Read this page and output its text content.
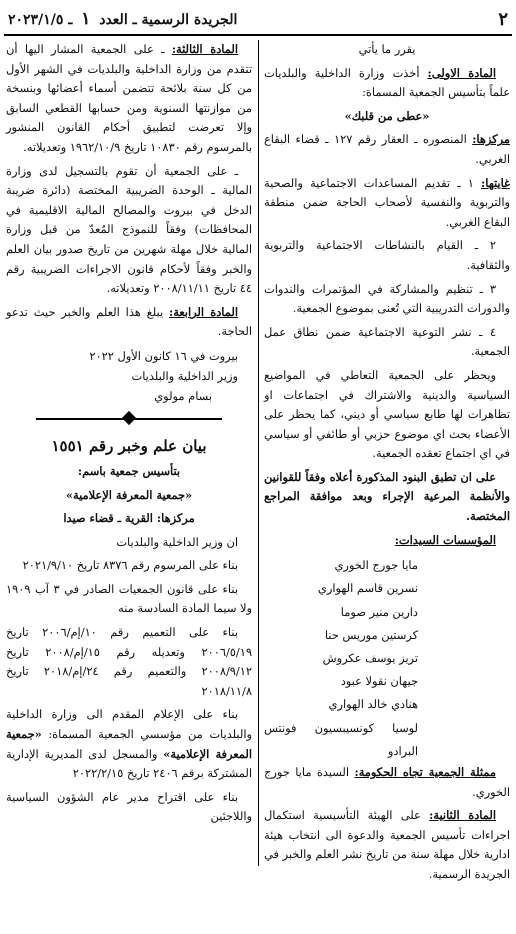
٢
الجريدة الرسمية ـ العدد ١ ـ ٢٠٢٣/١/٥

يقرر ما يأتي

المادة الاولى: أخذت وزارة الداخلية والبلديات علماً بتأسيس الجمعية المسماة:

«عطى من قلبك»

مركزها: المنصوره ـ العقار رقم ١٢٧ ـ قضاء البقاع الغربي.

غايتها: ١ ـ تقديم المساعدات الاجتماعية والصحية والتربوية والنفسية لأصحاب الحاجة ضمن منطقة البقاع الغربي.

٢ ـ القيام بالنشاطات الاجتماعية والتربوية والثقافية.

٣ ـ تنظيم والمشاركة في المؤتمرات والندوات والدورات التدريبية التي تُعنى بموضوع الجمعية.

٤ ـ نشر التوعية الاجتماعية ضمن نطاق عمل الجمعية.

ويحظر على الجمعية التعاطي في المواضيع السياسية والدينية والاشتراك في اجتماعات او تظاهرات لها طابع سياسي أو ديني، كما يحظر على الأعضاء بحث اي موضوع حزبي أو طائفي أو سياسي في اي اجتماع تعقده الجمعية.

على ان تطبق البنود المذكورة أعلاه وفقاً للقوانين والأنظمة المرعية الإجراء وبعد موافقة المراجع المختصة.

المؤسسات السيدات:

مايا جورج الخوري

نسرين قاسم الهواري

دارين منير صوما

كرستين موريس حنا

تريز يوسف عكروش

جيهان نقولا عبود

هنادي خالد الهواري

لوسيا كونسيبسيون فونتس البرادو

ممثلة الجمعية تجاه الحكومة: السيدة مايا جورج الخوري.

المادة الثانية: على الهيئة التأسيسية استكمال اجراءات تأسيس الجمعية والدعوة الى انتخاب هيئة ادارية خلال مهلة سنة من تاريخ نشر العلم والخبر في الجريدة الرسمية.

المادة الثالثة: ـ على الجمعية المشار اليها أن تتقدم من وزارة الداخلية والبلديات في الشهر الأول من كل سنة بلائحة تتضمن أسماء أعضائها وبنسخة من موازنتها السنوية ومن حسابها القطعي السابق وإلا تعرضت لتطبيق أحكام القانون المنشور بالمرسوم رقم ١٠٨٣٠ تاريخ ١٩٦٢/١٠/٩ وتعديلاته.

ـ على الجمعية أن تقوم بالتسجيل لدى وزارة المالية ـ الوحدة الضريبية المختصة (دائرة ضريبة الدخل في بيروت والمصالح المالية الاقليمية في المحافظات) وفقاً للنموذج المُعدّ من قبل وزارة المالية خلال مهلة شهرين من تاريخ صدور بيان العلم والخبر وفقاً لأحكام قانون الاجراءات الضريبية رقم ٤٤ تاريخ ٢٠٠٨/١١/١١ وتعديلاته.

المادة الرابعة: يبلغ هذا العلم والخبر حيث تدعو الحاجة.

بيروت في ١٦ كانون الأول ٢٠٢٢

وزير الداخلية والبلديات

بسام مولوي

بيان علم وخبر رقم ١٥٥١

بتأسيس جمعية باسم:

«جمعية المعرفة الإعلامية»

مركزها: القرية ـ قضاء صيدا

ان وزير الداخلية والبلديات

بناء على المرسوم رقم ٨٣٧٦ تاريخ ٢٠٢١/٩/١٠

بناء على قانون الجمعيات الصادر في ٣ آب ١٩٠٩ ولا سيما المادة السادسة منه

بناء على التعميم رقم ١٠/إم/٢٠٠٦ تاريخ ٢٠٠٦/٥/١٩ وتعديله رقم ١٥/إم/٢٠٠٨ تاريخ ٢٠٠٨/٩/١٢ والتعميم رقم ٢٤/إم/٢٠١٨ تاريخ ٢٠١٨/١١/٨

بناء على الإعلام المقدم الى وزارة الداخلية والبلديات من مؤسسي الجمعية المسماة: «جمعية المعرفة الإعلامية» والمسجل لدى المديرية الإدارية المشتركة برقم ٢٤٠٦ تاريخ ٢٠٢٢/٢/١٥

بناء على اقتراح مدير عام الشؤون السياسية واللاجئين
